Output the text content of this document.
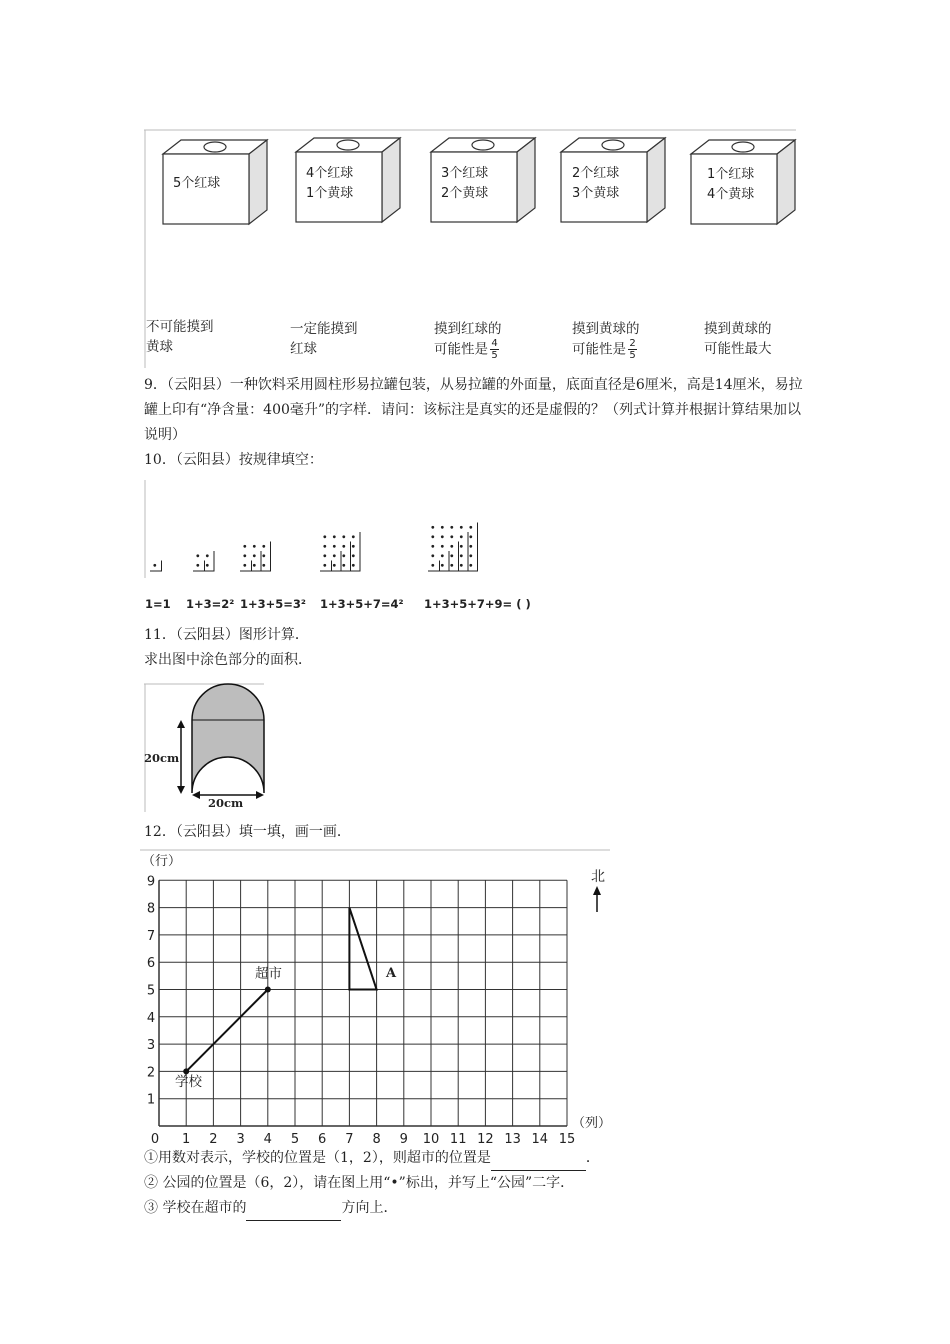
5个红球
4个红球
1个黄球
3个红球
2个黄球
2个红球
3个黄球
1个红球
4个黄球
不可能摸到
黄球
一定能摸到
红球
摸到红球的
可能性是 $\frac{4}{5}$
摸到黄球的
可能性是 $\frac{2}{5}$
摸到黄球的
可能性最大
9．（云阳县）一种饮料采用圆柱形易拉罐包装，从易拉罐的外面量，底面直径是6厘米，高是14厘米，易拉罐上印有“净含量：400毫升”的字样．请问：该标注是真实的还是虚假的？（列式计算并根据计算结果加以说明）
10．（云阳县）按规律填空：
1=1 1+3=2² 1+3+5=3² 1+3+5+7=4² 1+3+5+7+9= ( )
11．（云阳县）图形计算．
求出图中涂色部分的面积．
20cm
20cm
12．（云阳县）填一填，画一画．
0 1 2 3 4 5 6 7 8 9 10 11 12 13 14 15
1
2
3
4
5
6
7
8
9
（行）
（列）
北
学校
超市	A
①用数对表示，学校的位置是（1，2），则超市的位置是	．
② 公园的位置是（6，2），请在图上用“•”标出，并写上“公园”二字．
③ 学校在超市的	方向上．
